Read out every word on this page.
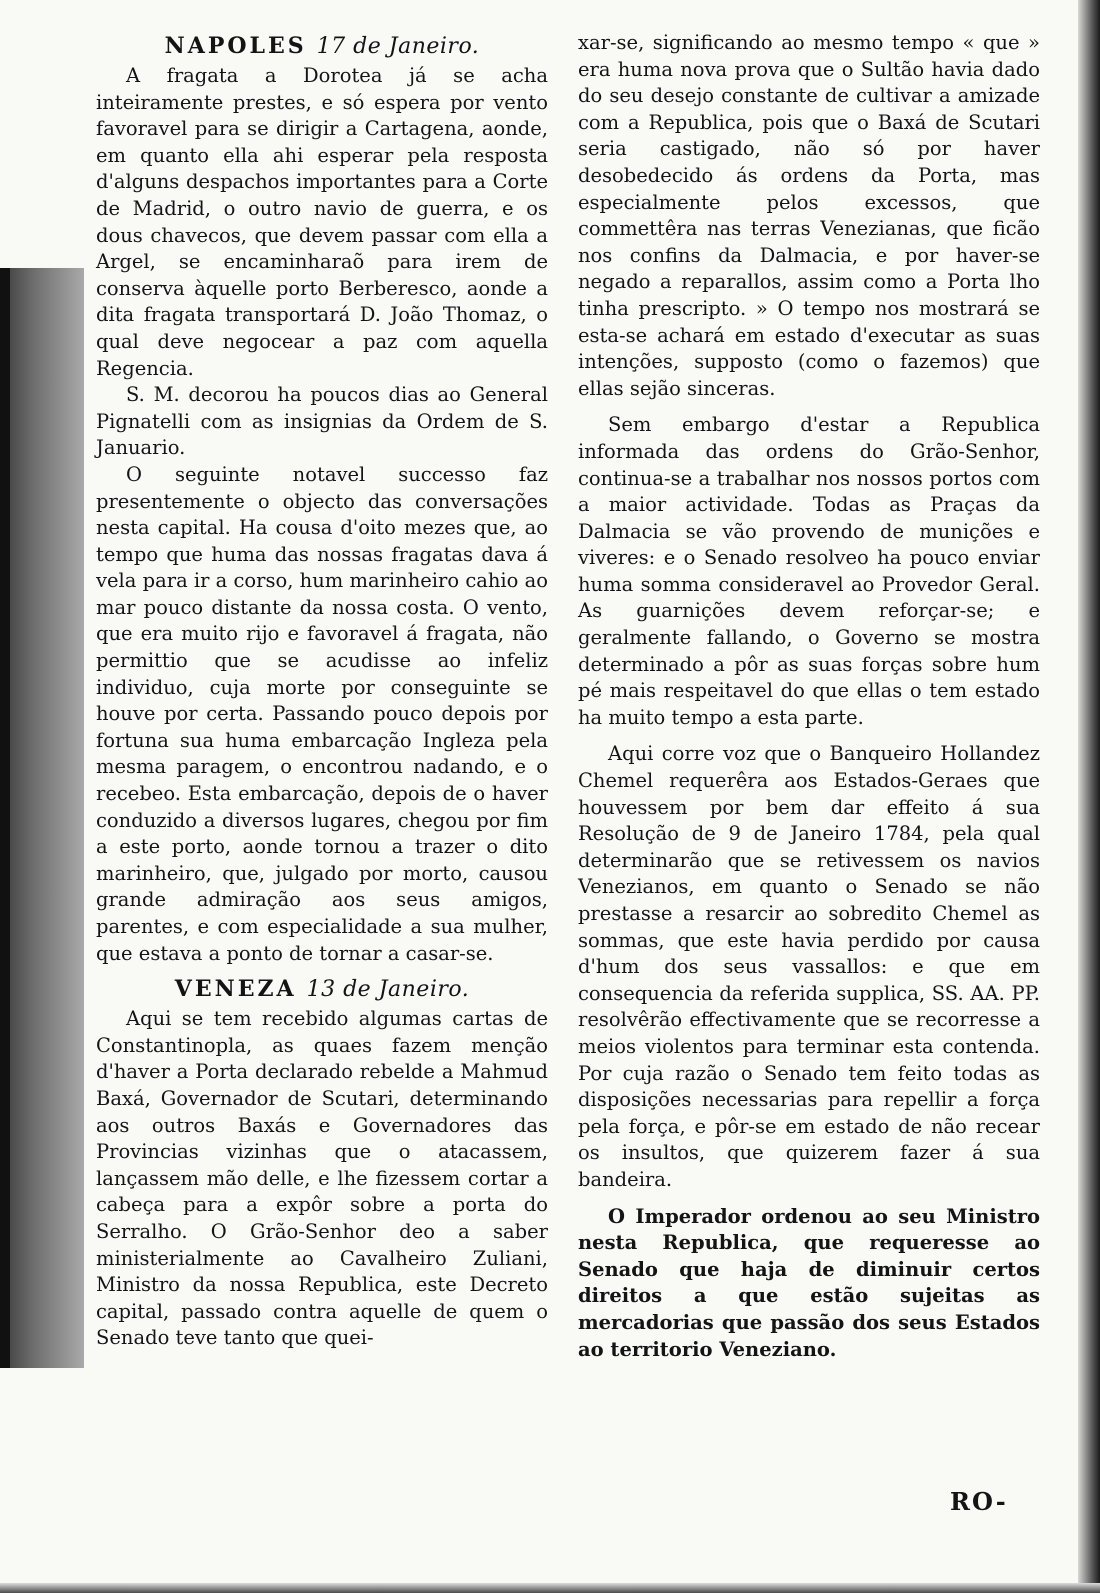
NAPOLES 17 de Janeiro.

A fragata a Dorotea já se acha inteiramente prestes, e só espera por vento favoravel para se dirigir a Cartagena, aonde, em quanto ella ahi esperar pela resposta d'alguns despachos importantes para a Corte de Madrid, o outro navio de guerra, e os dous chavecos, que devem passar com ella a Argel, se encaminharaõ para irem de conserva àquelle porto Berberesco, aonde a dita fragata transportará D. João Thomaz, o qual deve negocear a paz com aquella Regencia.

S. M. decorou ha poucos dias ao General Pignatelli com as insignias da Ordem de S. Januario.

O seguinte notavel successo faz presentemente o objecto das conversações nesta capital. Ha cousa d'oito mezes que, ao tempo que huma das nossas fragatas dava á vela para ir a corso, hum marinheiro cahio ao mar pouco distante da nossa costa. O vento, que era muito rijo e favoravel á fragata, não permittio que se acudisse ao infeliz individuo, cuja morte por conseguinte se houve por certa. Passando pouco depois por fortuna sua huma embarcação Ingleza pela mesma paragem, o encontrou nadando, e o recebeo. Esta embarcação, depois de o haver conduzido a diversos lugares, chegou por fim a este porto, aonde tornou a trazer o dito marinheiro, que, julgado por morto, causou grande admiração aos seus amigos, parentes, e com especialidade a sua mulher, que estava a ponto de tornar a casar-se.

VENEZA 13 de Janeiro.

Aqui se tem recebido algumas cartas de Constantinopla, as quaes fazem menção d'haver a Porta declarado rebelde a Mahmud Baxá, Governador de Scutari, determinando aos outros Baxás e Governadores das Provincias vizinhas que o atacassem, lançassem mão delle, e lhe fizessem cortar a cabeça para a expôr sobre a porta do Serralho. O Grão-Senhor deo a saber ministerialmente ao Cavalheiro Zuliani, Ministro da nossa Republica, este Decreto capital, passado contra aquelle de quem o Senado teve tanto que quei-

xar-se, significando ao mesmo tempo « que » era huma nova prova que o Sultão havia dado do seu desejo constante de cultivar a amizade com a Republica, pois que o Baxá de Scutari seria castigado, não só por haver desobedecido ás ordens da Porta, mas especialmente pelos excessos, que commettêra nas terras Venezianas, que ficão nos confins da Dalmacia, e por haver-se negado a reparallos, assim como a Porta lho tinha prescripto. » O tempo nos mostrará se esta-se achará em estado d'executar as suas intenções, supposto (como o fazemos) que ellas sejão sinceras.

Sem embargo d'estar a Republica informada das ordens do Grão-Senhor, continua-se a trabalhar nos nossos portos com a maior actividade. Todas as Praças da Dalmacia se vão provendo de munições e viveres: e o Senado resolveo ha pouco enviar huma somma consideravel ao Provedor Geral. As guarnições devem reforçar-se; e geralmente fallando, o Governo se mostra determinado a pôr as suas forças sobre hum pé mais respeitavel do que ellas o tem estado ha muito tempo a esta parte.

Aqui corre voz que o Banqueiro Hollandez Chemel requerêra aos Estados-Geraes que houvessem por bem dar effeito á sua Resolução de 9 de Janeiro 1784, pela qual determinarão que se retivessem os navios Venezianos, em quanto o Senado se não prestasse a resarcir ao sobredito Chemel as sommas, que este havia perdido por causa d'hum dos seus vassallos: e que em consequencia da referida supplica, SS. AA. PP. resolvêrão effectivamente que se recorresse a meios violentos para terminar esta contenda. Por cuja razão o Senado tem feito todas as disposições necessarias para repellir a força pela força, e pôr-se em estado de não recear os insultos, que quizerem fazer á sua bandeira.

O Imperador ordenou ao seu Ministro nesta Republica, que requeresse ao Senado que haja de diminuir certos direitos a que estão sujeitas as mercadorias que passão dos seus Estados ao territorio Veneziano.

RO-
